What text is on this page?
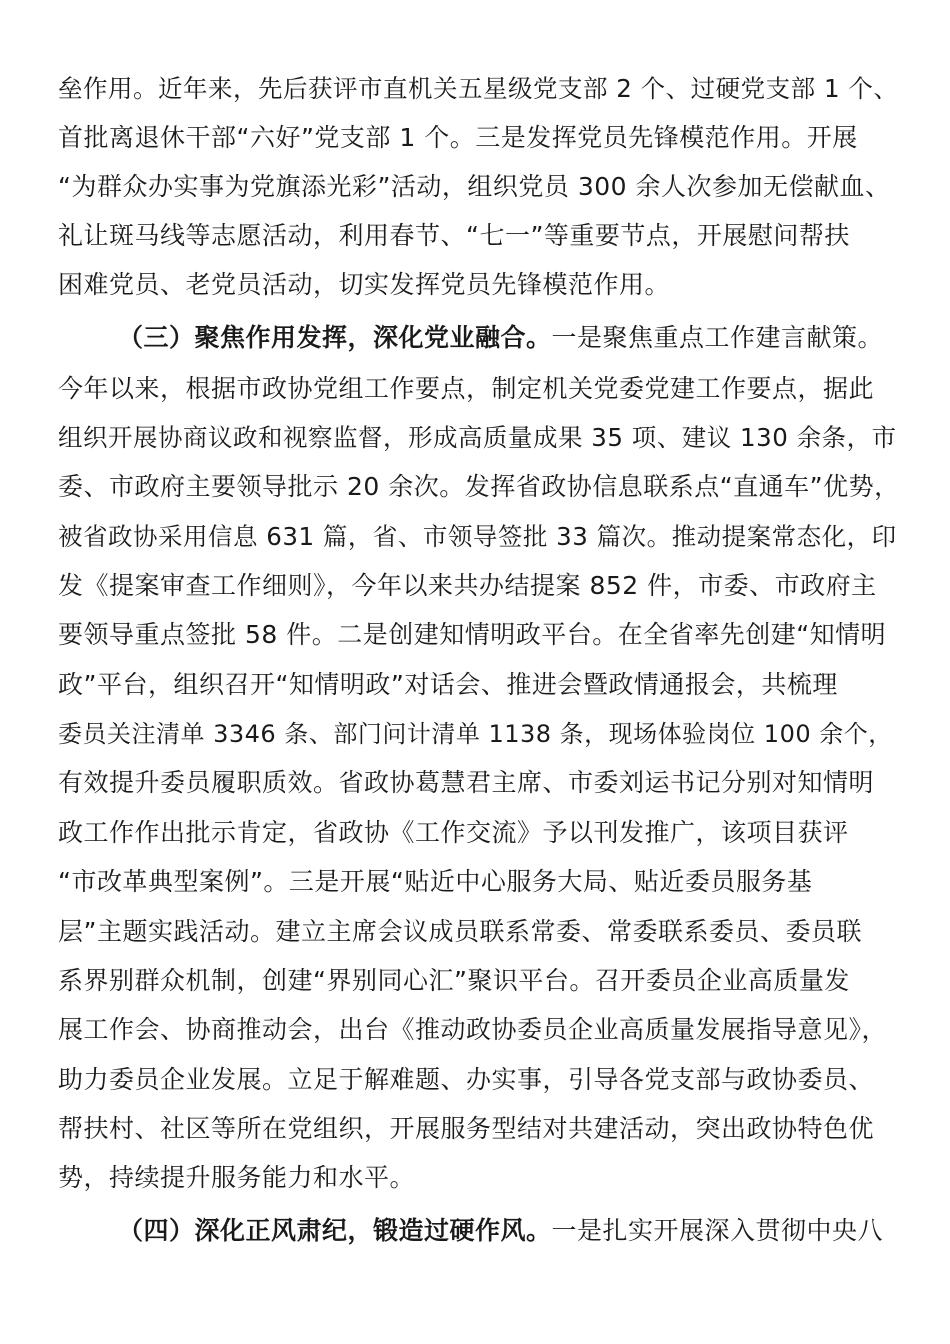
垒作用。近年来，先后获评市直机关五星级党支部 2 个、过硬党支部 1 个、
首批离退休干部“六好”党支部 1 个。三是发挥党员先锋模范作用。开展
“为群众办实事为党旗添光彩”活动，组织党员 300 余人次参加无偿献血、
礼让斑马线等志愿活动，利用春节、“七一”等重要节点，开展慰问帮扶
困难党员、老党员活动，切实发挥党员先锋模范作用。
（三）聚焦作用发挥，深化党业融合。一是聚焦重点工作建言献策。
今年以来，根据市政协党组工作要点，制定机关党委党建工作要点，据此
组织开展协商议政和视察监督，形成高质量成果 35 项、建议 130 余条，市
委、市政府主要领导批示 20 余次。发挥省政协信息联系点“直通车”优势，
被省政协采用信息 631 篇，省、市领导签批 33 篇次。推动提案常态化，印
发《提案审查工作细则》，今年以来共办结提案 852 件，市委、市政府主
要领导重点签批 58 件。二是创建知情明政平台。在全省率先创建“知情明
政”平台，组织召开“知情明政”对话会、推进会暨政情通报会，共梳理
委员关注清单 3346 条、部门问计清单 1138 条，现场体验岗位 100 余个，
有效提升委员履职质效。省政协葛慧君主席、市委刘运书记分别对知情明
政工作作出批示肯定，省政协《工作交流》予以刊发推广，该项目获评
“市改革典型案例”。三是开展“贴近中心服务大局、贴近委员服务基
层”主题实践活动。建立主席会议成员联系常委、常委联系委员、委员联
系界别群众机制，创建“界别同心汇”聚识平台。召开委员企业高质量发
展工作会、协商推动会，出台《推动政协委员企业高质量发展指导意见》，
助力委员企业发展。立足于解难题、办实事，引导各党支部与政协委员、
帮扶村、社区等所在党组织，开展服务型结对共建活动，突出政协特色优
势，持续提升服务能力和水平。
（四）深化正风肃纪，锻造过硬作风。一是扎实开展深入贯彻中央八
